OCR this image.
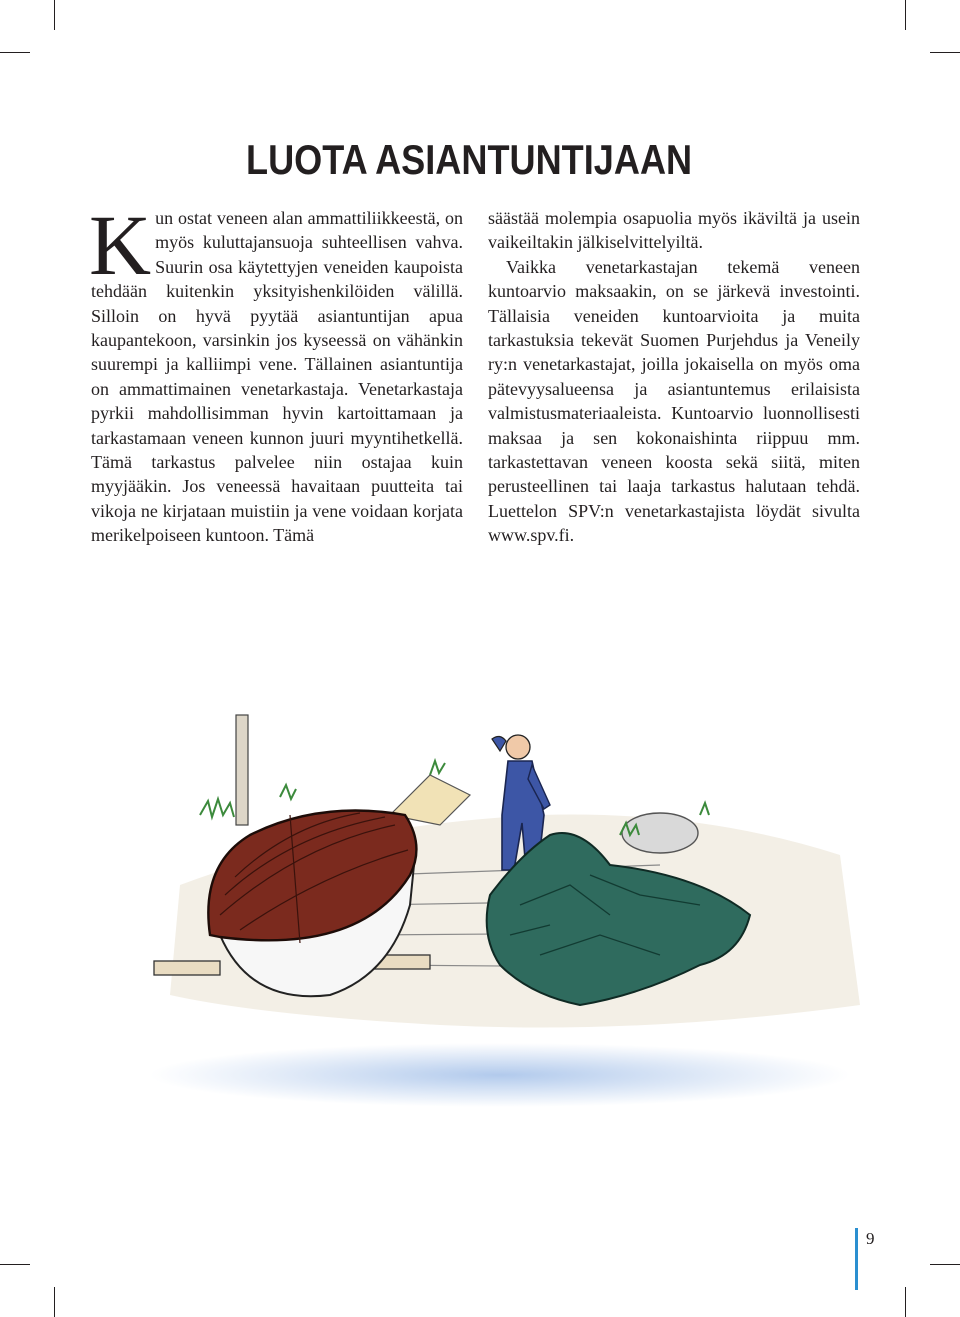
LUOTA ASIANTUNTIJAAN

Kun ostat veneen alan ammattiliikkeestä, on myös kuluttajansuoja suhteellisen vahva. Suurin osa käytettyjen veneiden kaupoista tehdään kuitenkin yksityishenkilöiden välillä. Silloin on hyvä pyytää asiantuntijan apua kaupantekoon, varsinkin jos kyseessä on vähänkin suurempi ja kalliimpi vene. Tällainen asiantuntija on ammattimainen venetarkastaja. Venetarkastaja pyrkii mahdollisimman hyvin kartoittamaan ja tarkastamaan veneen kunnon juuri myyntihetkellä. Tämä tarkastus palvelee niin ostajaa kuin myyjääkin. Jos veneessä havaitaan puutteita tai vikoja ne kirjataan muistiin ja vene voidaan korjata merikelpoiseen kuntoon. Tämä

säästää molempia osapuolia myös ikäviltä ja usein vaikeiltakin jälkiselvittelyiltä.

Vaikka venetarkastajan tekemä veneen kuntoarvio maksaakin, on se järkevä investointi. Tällaisia veneiden kuntoarvioita ja muita tarkastuksia tekevät Suomen Purjehdus ja Veneily ry:n venetarkastajat, joilla jokaisella on myös oma pätevyysalueensa ja asiantuntemus erilaisista valmistusmateriaaleista. Kuntoarvio luonnollisesti maksaa ja sen kokonaishinta riippuu mm. tarkastettavan veneen koosta sekä siitä, miten perusteellinen tai laaja tarkastus halutaan tehdä. Luettelon SPV:n venetarkastajista löydät sivulta www.spv.fi.

9
